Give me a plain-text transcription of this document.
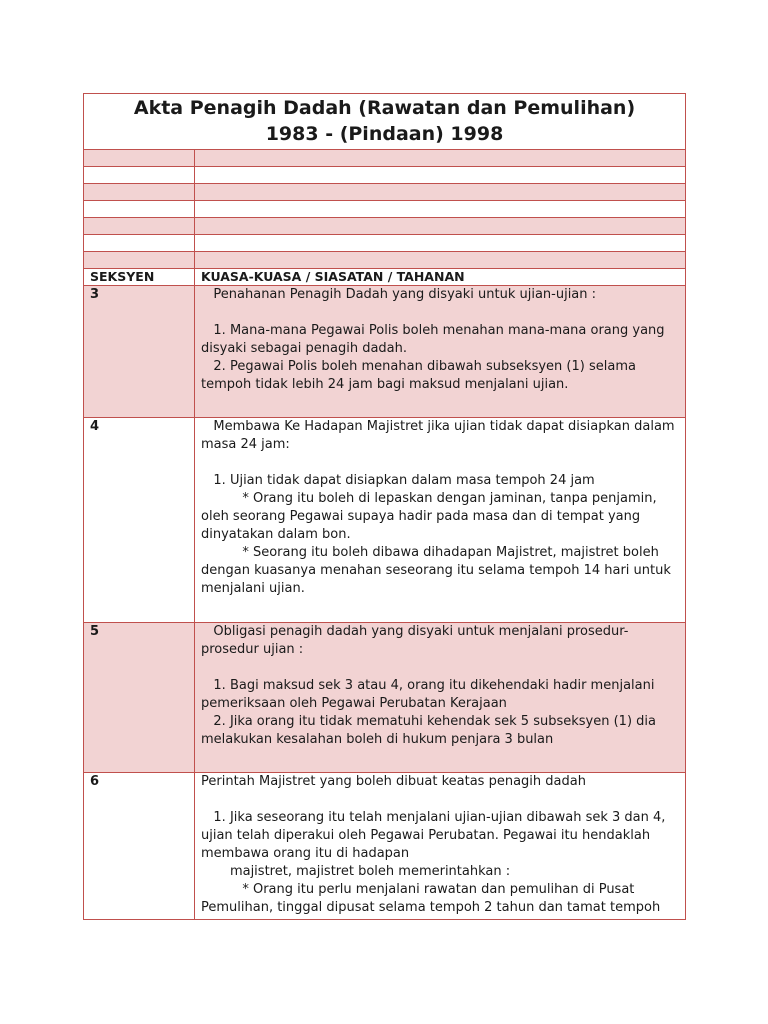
Akta Penagih Dadah (Rawatan dan Pemulihan)
1983 - (Pindaan) 1998	

SEKSYEN	KUASA-KUASA / SIASATAN / TAHANAN
3	Penahanan Penagih Dadah yang disyaki untuk ujian-ujian :

1. Mana-mana Pegawai Polis boleh menahan mana-mana orang yang disyaki sebagai penagih dadah.

2. Pegawai Polis boleh menahan dibawah subseksyen (1) selama tempoh tidak lebih 24 jam bagi maksud menjalani ujian.

4	Membawa Ke Hadapan Majistret jika ujian tidak dapat disiapkan dalam masa 24 jam:

1. Ujian tidak dapat disiapkan dalam masa tempoh 24 jam

* Orang itu boleh di lepaskan dengan jaminan, tanpa penjamin, oleh seorang Pegawai supaya hadir pada masa dan di tempat yang dinyatakan dalam bon.

* Seorang itu boleh dibawa dihadapan Majistret, majistret boleh dengan kuasanya menahan seseorang itu selama tempoh 14 hari untuk menjalani ujian.

5	Obligasi penagih dadah yang disyaki untuk menjalani prosedur-prosedur ujian :

1. Bagi maksud sek 3 atau 4, orang itu dikehendaki hadir menjalani pemeriksaan oleh Pegawai Perubatan Kerajaan

2. Jika orang itu tidak mematuhi kehendak sek 5 subseksyen (1) dia melakukan kesalahan boleh di hukum penjara 3 bulan

6	Perintah Majistret yang boleh dibuat keatas penagih dadah

1. Jika seseorang itu telah menjalani ujian-ujian dibawah sek 3 dan 4, ujian telah diperakui oleh Pegawai Perubatan. Pegawai itu hendaklah membawa orang itu di hadapan

majistret, majistret boleh memerintahkan :

* Orang itu perlu menjalani rawatan dan pemulihan di Pusat Pemulihan, tinggal dipusat selama tempoh 2 tahun dan tamat tempoh
